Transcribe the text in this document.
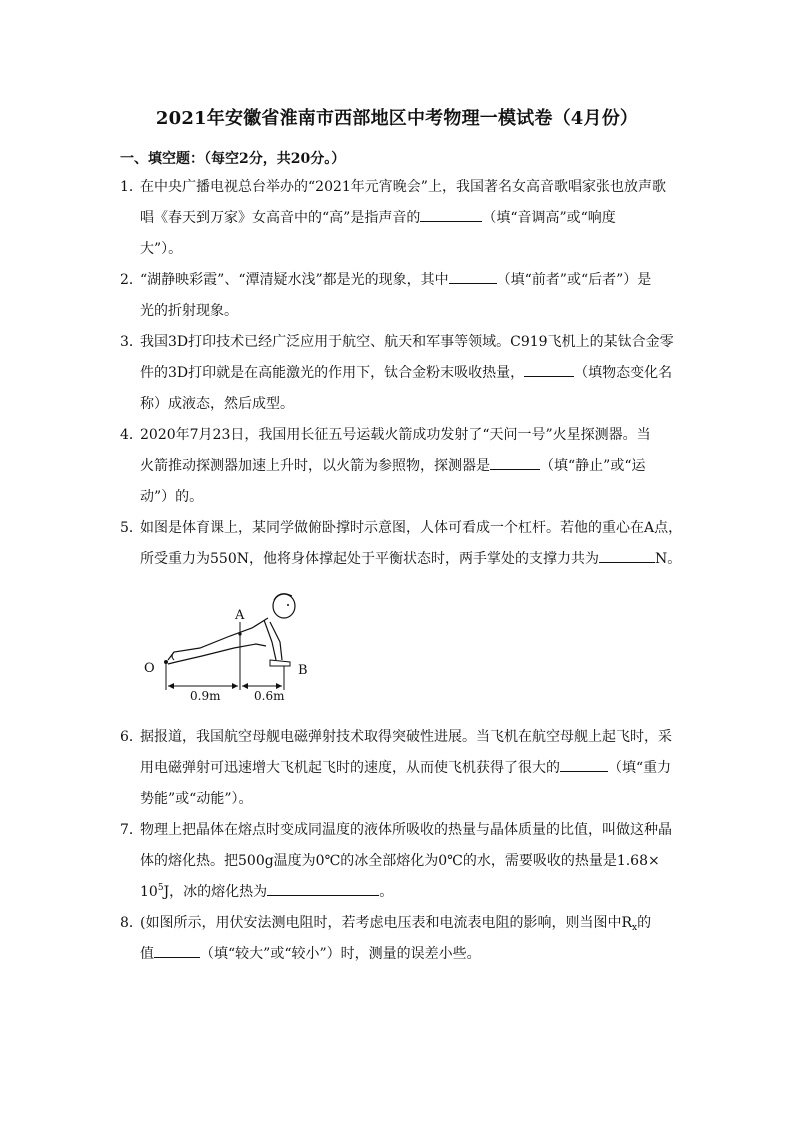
2021年安徽省淮南市西部地区中考物理一模试卷（4月份）
一、填空题：（每空2分，共20分。）
1．在中央广播电视总台举办的“2021年元宵晚会”上，我国著名女高音歌唱家张也放声歌
唱《春天到万家》女高音中的“高”是指声音的	（填“音调高”或“响度
大”）。
2．“湖静映彩霞”、“潭清疑水浅”都是光的现象，其中	（填“前者”或“后者”）是
光的折射现象。
3．我国3D打印技术已经广泛应用于航空、航天和军事等领域。C919飞机上的某钛合金零
件的3D打印就是在高能激光的作用下，钛合金粉末吸收热量，	（填物态变化名
称）成液态，然后成型。
4．2020年7月23日，我国用长征五号运载火箭成功发射了“天问一号”火星探测器。当
火箭推动探测器加速上升时，以火箭为参照物，探测器是	（填“静止”或“运
动”）的。
5．如图是体育课上，某同学做俯卧撑时示意图，人体可看成一个杠杆。若他的重心在A点，
所受重力为550N，他将身体撑起处于平衡状态时，两手掌处的支撑力共为	N。
A
O	B
0.9m	0.6m
6．据报道，我国航空母舰电磁弹射技术取得突破性进展。当飞机在航空母舰上起飞时，采
用电磁弹射可迅速增大飞机起飞时的速度，从而使飞机获得了很大的	（填“重力
势能”或“动能”）。
7．物理上把晶体在熔点时变成同温度的液体所吸收的热量与晶体质量的比值，叫做这种晶
体的熔化热。把500g温度为0℃的冰全部熔化为0℃的水，需要吸收的热量是1.68×
$10^5J$，冰的熔化热为	。
8．(如图所示，用伏安法测电阻时，若考虑电压表和电流表电阻的影响，则当图中$R_x$的
值	（填“较大”或“较小”）时，测量的误差小些。
